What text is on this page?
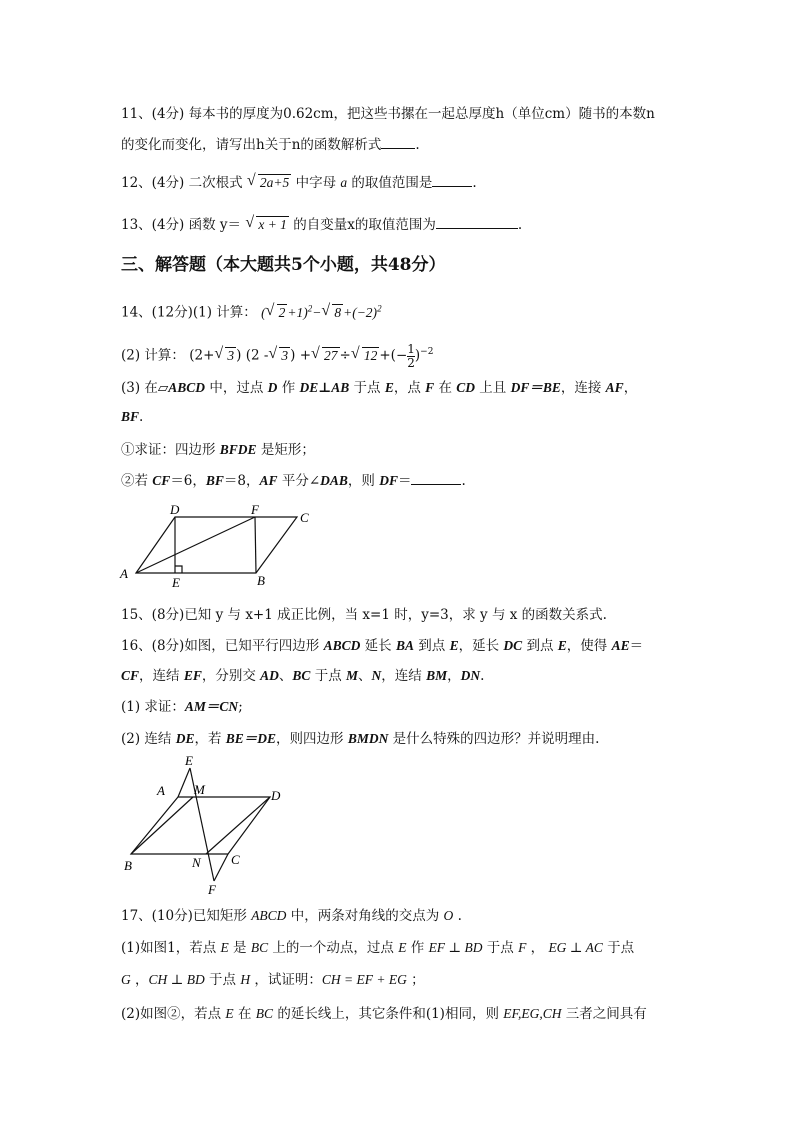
11、(4分) 每本书的厚度为0.62cm，把这些书摞在一起总厚度h（单位cm）随书的本数n
的变化而变化，请写出h关于n的函数解析式	.
12、(4分) 二次根式 √ 2a+5 中字母 a 的取值范围是	.
13、(4分) 函数 y＝ √ x + 1 的自变量x的取值范围为	.
三、解答题（本大题共5个小题，共48分）
14、(12分)(1) 计算： ( √ 2 +1)$^2$− √ $8 +(-2)^2$
(2) 计算： (2+ √ 3 ) (2 - √ 3 ) + √ 27 ÷ √ 12 +(− $\frac{1}{2} )^{-2}$
(3) 在▱ABCD 中，过点 D 作 DE⊥AB 于点 E，点 F 在 CD 上且 DF＝BE，连接 AF，
BF.
①求证：四边形 BFDE 是矩形；
②若 CF＝6，BF＝8，AF 平分∠DAB，则 DF＝	.
D	F
C
A
E	B
15、(8分)已知 y 与 x+1 成正比例，当 x=1 时，y=3，求 y 与 x 的函数关系式.
16、(8分)如图，已知平行四边形 ABCD 延长 BA 到点 E，延长 DC 到点 E，使得 AE＝
CF，连结 EF，分别交 AD、BC 于点 M、N，连结 BM，DN.
(1) 求证：AM＝CN;
(2) 连结 DE，若 BE＝DE，则四边形 BMDN 是什么特殊的四边形？并说明理由.
E
A M	D
B	N C
F
17、(10分)已知矩形 ABCD 中，两条对角线的交点为 O .
(1)如图1，若点 E 是 BC 上的一个动点，过点 E 作 EF ⊥ BD 于点 F ， EG ⊥ AC 于点
G ，CH ⊥ BD 于点 H ，试证明：CH = EF + EG ；
(2)如图②，若点 E 在 BC 的延长线上，其它条件和(1)相同，则 EF,EG,CH 三者之间具有
